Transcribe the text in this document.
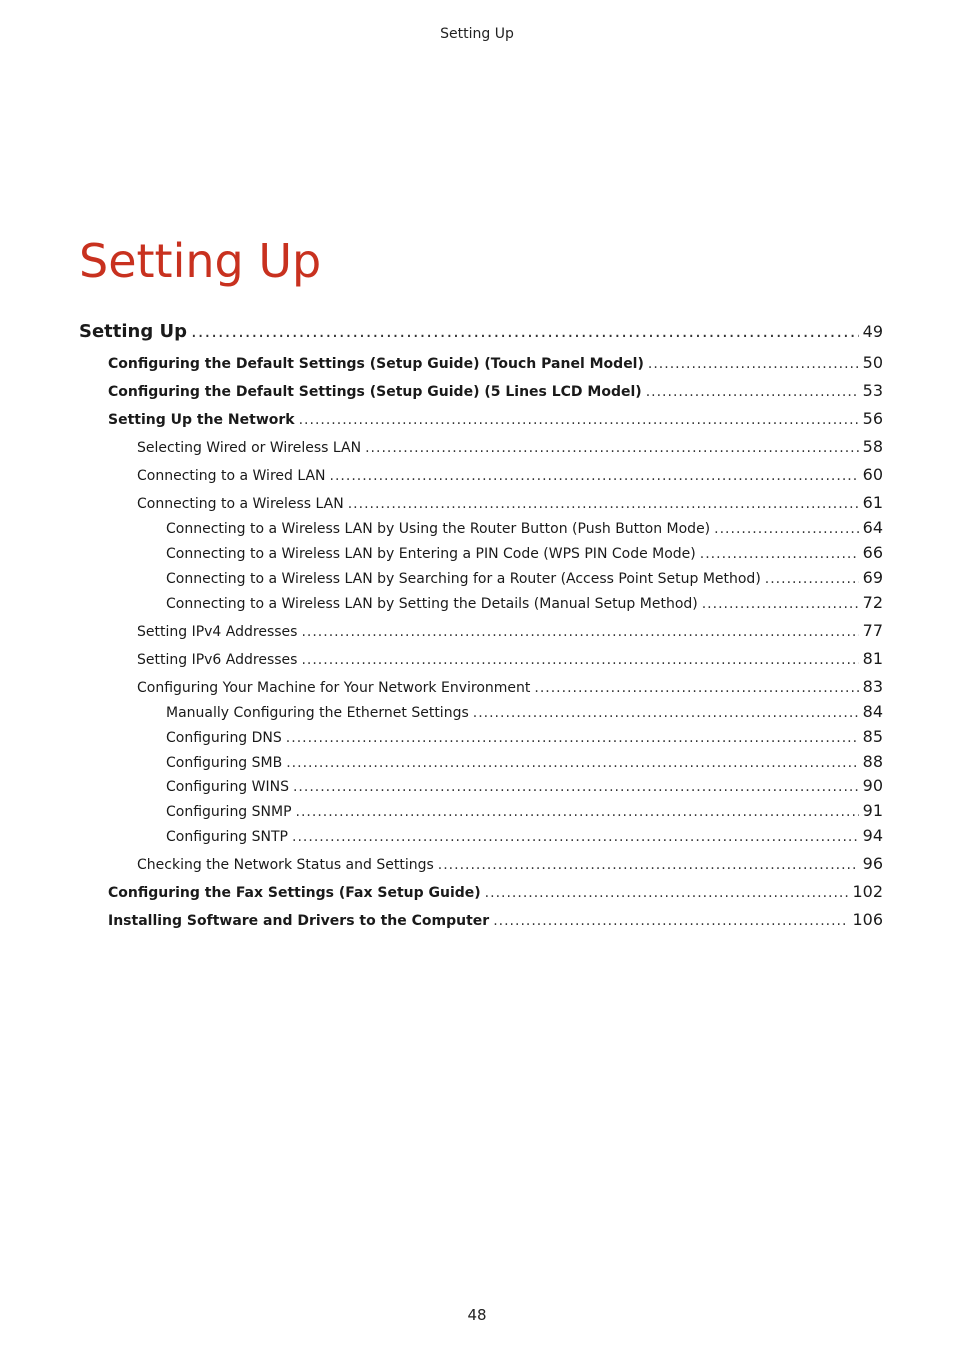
Setting Up
Setting Up
Setting Up .....	49
Configuring the Default Settings (Setup Guide) (Touch Panel Model) .....	50
Configuring the Default Settings (Setup Guide) (5 Lines LCD Model) .....	53
Setting Up the Network .....	56
Selecting Wired or Wireless LAN .....	58
Connecting to a Wired LAN .....	60
Connecting to a Wireless LAN .....	61
Connecting to a Wireless LAN by Using the Router Button (Push Button Mode) .....	64
Connecting to a Wireless LAN by Entering a PIN Code (WPS PIN Code Mode) .....	66
Connecting to a Wireless LAN by Searching for a Router (Access Point Setup Method) .....	69
Connecting to a Wireless LAN by Setting the Details (Manual Setup Method) .....	72
Setting IPv4 Addresses .....	77
Setting IPv6 Addresses .....	81
Configuring Your Machine for Your Network Environment .....	83
Manually Configuring the Ethernet Settings .....	84
Configuring DNS .....	85
Configuring SMB .....	88
Configuring WINS .....	90
Configuring SNMP .....	91
Configuring SNTP .....	94
Checking the Network Status and Settings .....	96
Configuring the Fax Settings (Fax Setup Guide) .....	102
Installing Software and Drivers to the Computer .....	106
48
